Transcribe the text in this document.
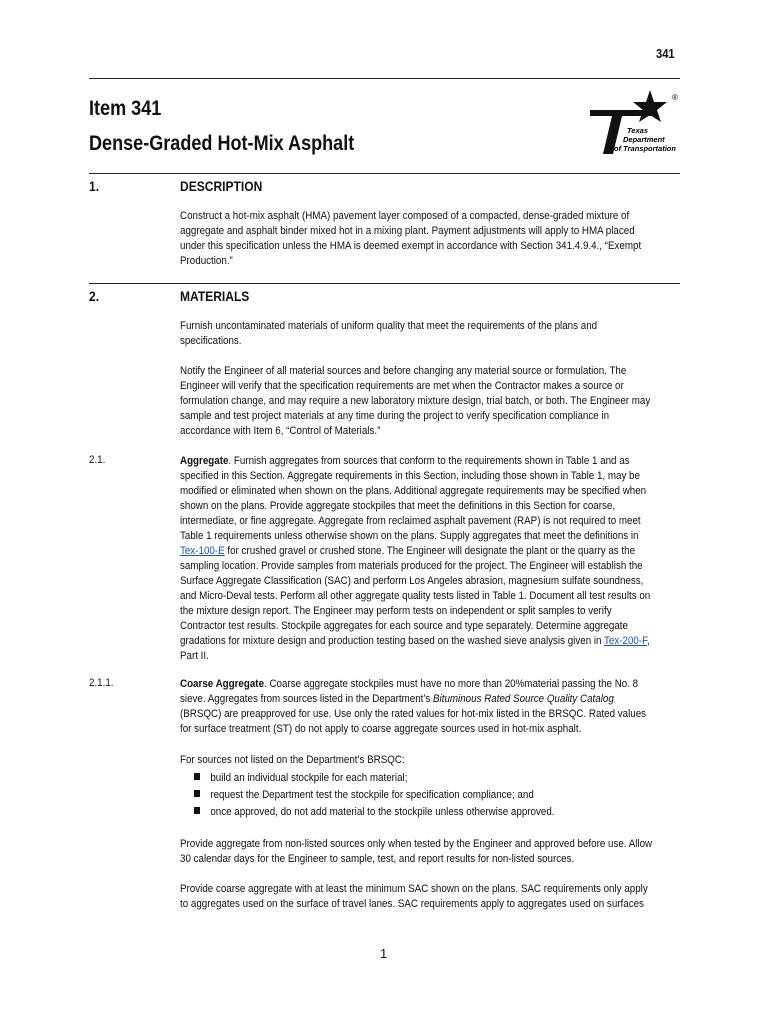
341
Item 341
Dense-Graded Hot-Mix Asphalt
®
Texas
Department
of Transportation
1.	DESCRIPTION
Construct a hot-mix asphalt (HMA) pavement layer composed of a compacted, dense-graded mixture of
aggregate and asphalt binder mixed hot in a mixing plant. Payment adjustments will apply to HMA placed
under this specification unless the HMA is deemed exempt in accordance with Section 341.4.9.4., “Exempt
Production.”
2.	MATERIALS
Furnish uncontaminated materials of uniform quality that meet the requirements of the plans and
specifications.
Notify the Engineer of all material sources and before changing any material source or formulation. The
Engineer will verify that the specification requirements are met when the Contractor makes a source or
formulation change, and may require a new laboratory mixture design, trial batch, or both. The Engineer may
sample and test project materials at any time during the project to verify specification compliance in
accordance with Item 6, “Control of Materials.”
2.1.	Aggregate. Furnish aggregates from sources that conform to the requirements shown in Table 1 and as
specified in this Section. Aggregate requirements in this Section, including those shown in Table 1, may be
modified or eliminated when shown on the plans. Additional aggregate requirements may be specified when
shown on the plans. Provide aggregate stockpiles that meet the definitions in this Section for coarse,
intermediate, or fine aggregate. Aggregate from reclaimed asphalt pavement (RAP) is not required to meet
Table 1 requirements unless otherwise shown on the plans. Supply aggregates that meet the definitions in
Tex-100-E for crushed gravel or crushed stone. The Engineer will designate the plant or the quarry as the
sampling location. Provide samples from materials produced for the project. The Engineer will establish the
Surface Aggregate Classification (SAC) and perform Los Angeles abrasion, magnesium sulfate soundness,
and Micro-Deval tests. Perform all other aggregate quality tests listed in Table 1. Document all test results on
the mixture design report. The Engineer may perform tests on independent or split samples to verify
Contractor test results. Stockpile aggregates for each source and type separately. Determine aggregate
gradations for mixture design and production testing based on the washed sieve analysis given in Tex-200-F,
Part II.
2.1.1.	Coarse Aggregate. Coarse aggregate stockpiles must have no more than 20%material passing the No. 8
sieve. Aggregates from sources listed in the Department’s Bituminous Rated Source Quality Catalog
(BRSQC) are preapproved for use. Use only the rated values for hot-mix listed in the BRSQC. Rated values
for surface treatment (ST) do not apply to coarse aggregate sources used in hot-mix asphalt.
For sources not listed on the Department’s BRSQC:
build an individual stockpile for each material;
request the Department test the stockpile for specification compliance; and
once approved, do not add material to the stockpile unless otherwise approved.
Provide aggregate from non-listed sources only when tested by the Engineer and approved before use. Allow
30 calendar days for the Engineer to sample, test, and report results for non-listed sources.
Provide coarse aggregate with at least the minimum SAC shown on the plans. SAC requirements only apply
to aggregates used on the surface of travel lanes. SAC requirements apply to aggregates used on surfaces
1
